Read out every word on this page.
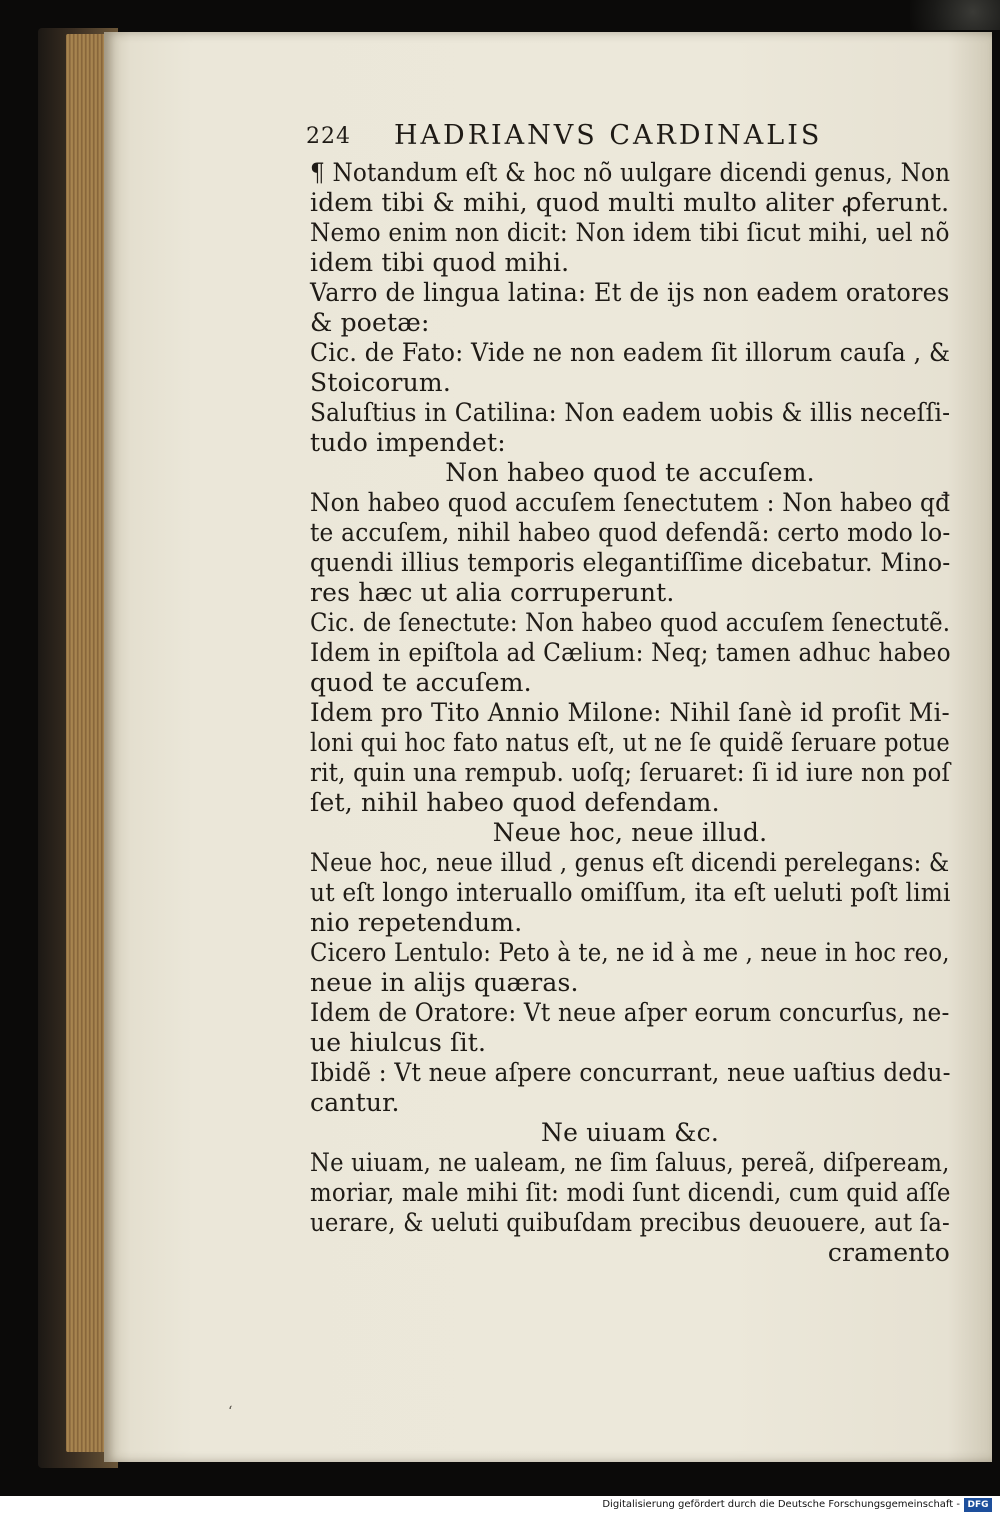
224 HADRIANVS CARDINALIS
¶ Notandum eſt & hoc nõ uulgare dicendi genus, Non
idem tibi & mihi, quod multi multo aliter ꝓferunt.
Nemo enim non dicit: Non idem tibi ſicut mihi, uel nõ
idem tibi quod mihi.
Varro de lingua latina: Et de ijs non eadem oratores
& poetæ:
Cic. de Fato: Vide ne non eadem ſit illorum cauſa , &
Stoicorum.
Saluſtius in Catilina: Non eadem uobis & illis neceſſi-
tudo impendet:
Non habeo quod te accuſem.
Non habeo quod accuſem ſenectutem : Non habeo qđ
te accuſem, nihil habeo quod defendã: certo modo lo-
quendi illius temporis elegantiſſime dicebatur. Mino-
res hæc ut alia corruperunt.
Cic. de ſenectute: Non habeo quod accuſem ſenectutẽ.
Idem in epiſtola ad Cælium: Neq; tamen adhuc habeo
quod te accuſem.
Idem pro Tito Annio Milone: Nihil ſanè id proſit Mi-
loni qui hoc fato natus eſt, ut ne ſe quidẽ ſeruare potue
rit, quin una rempub. uoſq; ſeruaret: ſi id iure non poſ
ſet, nihil habeo quod defendam.
Neue hoc, neue illud.
Neue hoc, neue illud , genus eſt dicendi perelegans: &
ut eſt longo interuallo omiſſum, ita eſt ueluti poſt limi
nio repetendum.
Cicero Lentulo: Peto à te, ne id à me , neue in hoc reo,
neue in alijs quæras.
Idem de Oratore: Vt neue aſper eorum concurſus, ne-
ue hiulcus ſit.
Ibidẽ : Vt neue aſpere concurrant, neue uaſtius dedu-
cantur.
Ne uiuam &c.
Ne uiuam, ne ualeam, ne ſim ſaluus, pereã, diſpeream,
moriar, male mihi ſit: modi ſunt dicendi, cum quid aſſe
uerare, & ueluti quibuſdam precibus deuouere, aut ſa-
cramento
ʻ
Digitalisierung gefördert durch die Deutsche Forschungsgemeinschaft - DFG
